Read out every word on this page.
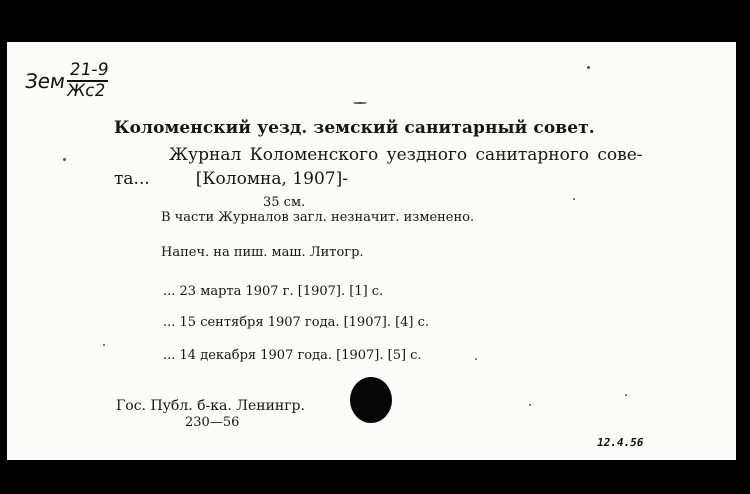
Зем
$\frac{21-9}{Жс2}$
Коломенский уезд. земский санитарный совет.
Журнал Коломенского уездного санитарного сове-
та...	[Коломна, 1907]-
35 см.
В части Журналов загл. незначит. изменено.
Напеч. на пиш. маш. Литогр.
... 23 марта 1907 г. [1907]. [1] с.
... 15 сентября 1907 года. [1907]. [4] с.
... 14 декабря 1907 года. [1907]. [5] с.
Гос. Публ. б-ка. Ленингр.
230—56
12.4.56
